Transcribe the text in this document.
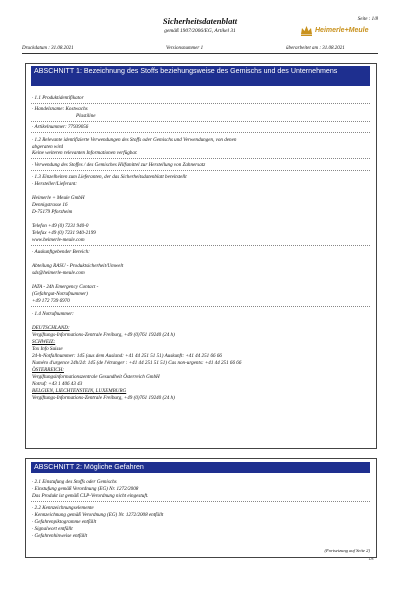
Seite : 1/8
Sicherheitsdatenblatt
gemäß 1907/2006/EG, Artikel 31	Heimerle+Meule
Druckdatum : 31.08.2021	Versionsnummer 1	überarbeitet am : 31.08.2021
ABSCHNITT 1: Bezeichnung des Stoffs beziehungsweise des Gemischs und des Unternehmens
· 1.1 Produktidentifikator
· Handelsname: Kostwachs
Plastiline
· Artikelnummer: 77939056
· 1.2 Relevante identifizierte Verwendungen des Stoffs oder Gemischs und Verwendungen, von denen
abgeraten wird
Keine weiteren relevanten Informationen verfügbar.
· Verwendung des Stoffes / des Gemisches Hilfsmittel zur Herstellung von Zahnersatz
· 1.3 Einzelheiten zum Lieferanten, der das Sicherheitsdatenblatt bereitstellt
· Hersteller/Lieferant:
Heimerle + Meule GmbH
Dennigstrasse 16
D-75179 Pforzheim
Telefon +49 (0) 7231 940-0
Telefax +49 (0) 7231 940-2199
www.heimerle-meule.com
· Auskunftgebender Bereich:
Abteilung RASU - Produktsicherheit/Umwelt
sds@heimerle-meule.com
IATA - 24h Emergency Contact -
(Gefahrgut-Notrufnummer)
+49 172 739 6970
· 1.4 Notrufnummer:
DEUTSCHLAND:
Vergiftungs-Informations-Zentrale Freiburg, +49 (0)761 19240 (24 h)
SCHWEIZ:
Tox Info Suisse
24-h-Notfallnummer: 145 (aus dem Ausland: +41 44 251 51 51) Auskunft: +41 44 251 66 66
Numéro d'urgence 24h/24: 145 (de l'étranger : +41 44 251 51 51) Cas non-urgents: +41 44 251 66 66
ÖSTERREICH:
Vergiftungsinformationszentrale Gesundheit Österreich GmbH
Notruf: +43 1 406 43 43
BELGIEN, LIECHTENSTEIN, LUXEMBURG
Vergiftungs-Informations-Zentrale Freiburg, +49 (0)761 19240 (24 h)
ABSCHNITT 2: Mögliche Gefahren
· 2.1 Einstufung des Stoffs oder Gemischs
· Einstufung gemäß Verordnung (EG) Nr. 1272/2008
Das Produkt ist gemäß CLP-Verordnung nicht eingestuft.
· 2.2 Kennzeichnungselemente
· Kennzeichnung gemäß Verordnung (EG) Nr. 1272/2008 entfällt
· Gefahrenpiktogramme entfällt
· Signalwort entfällt
· Gefahrenhinweise entfällt
(Fortsetzung auf Seite 2)
DE
